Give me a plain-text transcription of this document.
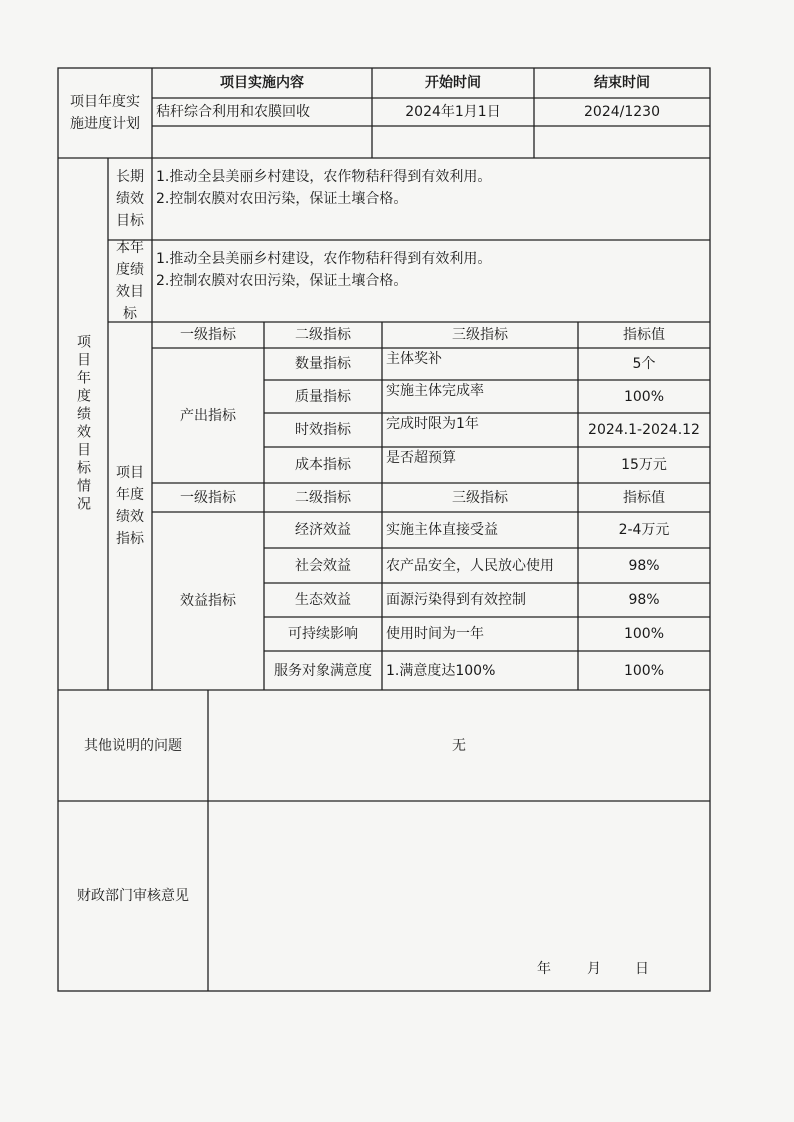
项目年度实
施进度计划
项目实施内容	开始时间	结束时间
秸秆综合利用和农膜回收	2024年1月1日	2024/1230
项目年度绩效目标情况
长期
绩效
目标
1.推动全县美丽乡村建设，农作物秸秆得到有效利用。
2.控制农膜对农田污染，保证土壤合格。
本年
度绩
效目
标
1.推动全县美丽乡村建设，农作物秸秆得到有效利用。
2.控制农膜对农田污染，保证土壤合格。
项目
年度
绩效
指标
一级指标	二级指标	三级指标	指标值
产出指标
数量指标	主体奖补	5个
质量指标	实施主体完成率	100%
时效指标	完成时限为1年	2024.1-2024.12
成本指标	是否超预算	15万元
一级指标	二级指标	三级指标	指标值
效益指标
经济效益	实施主体直接受益	2-4万元
社会效益	农产品安全，人民放心使用	98%
生态效益	面源污染得到有效控制	98%
可持续影响	使用时间为一年	100%
服务对象满意度	1.满意度达100%	100%
其他说明的问题	无
财政部门审核意见
年	月	日
